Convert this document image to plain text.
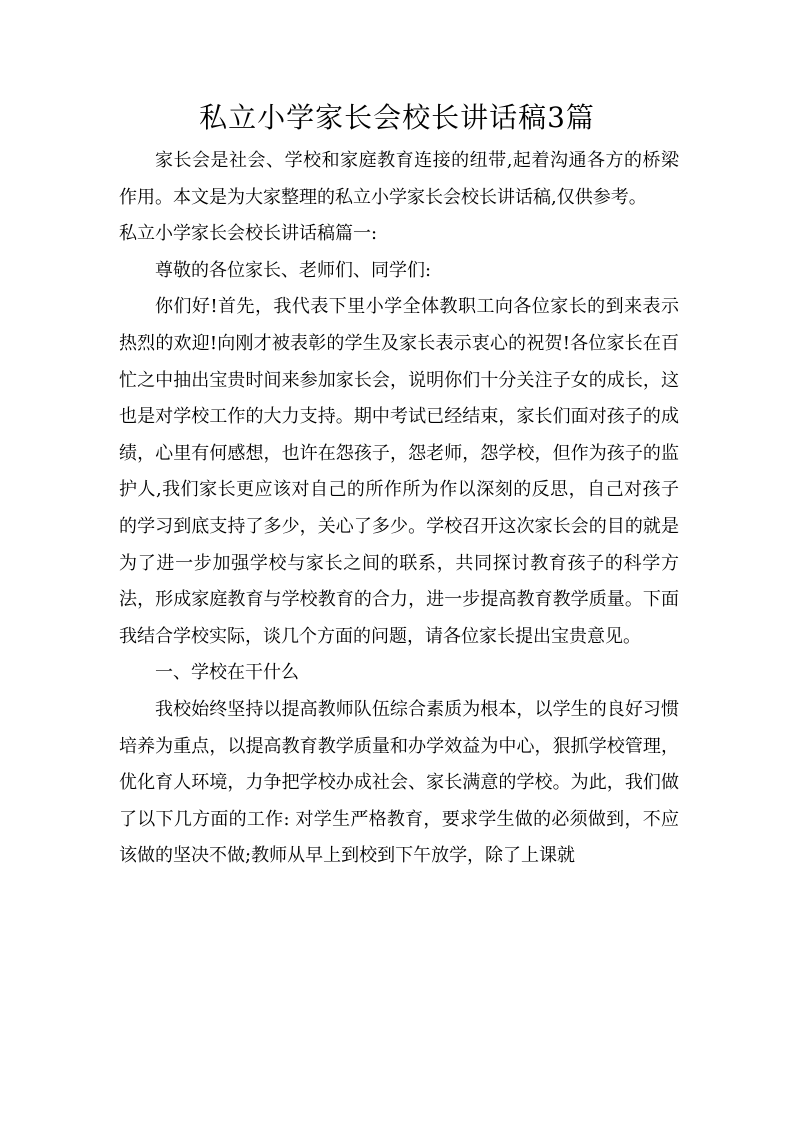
私立小学家长会校长讲话稿3篇

家长会是社会、学校和家庭教育连接的纽带,起着沟通各方的桥梁作用。本文是为大家整理的私立小学家长会校长讲话稿,仅供参考。

私立小学家长会校长讲话稿篇一:

尊敬的各位家长、老师们、同学们:

你们好!首先，我代表下里小学全体教职工向各位家长的到来表示热烈的欢迎!向刚才被表彰的学生及家长表示衷心的祝贺!各位家长在百忙之中抽出宝贵时间来参加家长会，说明你们十分关注子女的成长，这也是对学校工作的大力支持。期中考试已经结束，家长们面对孩子的成绩，心里有何感想，也许在怨孩子，怨老师，怨学校，但作为孩子的监护人,我们家长更应该对自己的所作所为作以深刻的反思，自己对孩子的学习到底支持了多少，关心了多少。学校召开这次家长会的目的就是为了进一步加强学校与家长之间的联系，共同探讨教育孩子的科学方法，形成家庭教育与学校教育的合力，进一步提高教育教学质量。下面我结合学校实际，谈几个方面的问题，请各位家长提出宝贵意见。

一、学校在干什么

我校始终坚持以提高教师队伍综合素质为根本，以学生的良好习惯培养为重点，以提高教育教学质量和办学效益为中心，狠抓学校管理，优化育人环境，力争把学校办成社会、家长满意的学校。为此，我们做了以下几方面的工作: 对学生严格教育，要求学生做的必须做到，不应该做的坚决不做;教师从早上到校到下午放学，除了上课就
